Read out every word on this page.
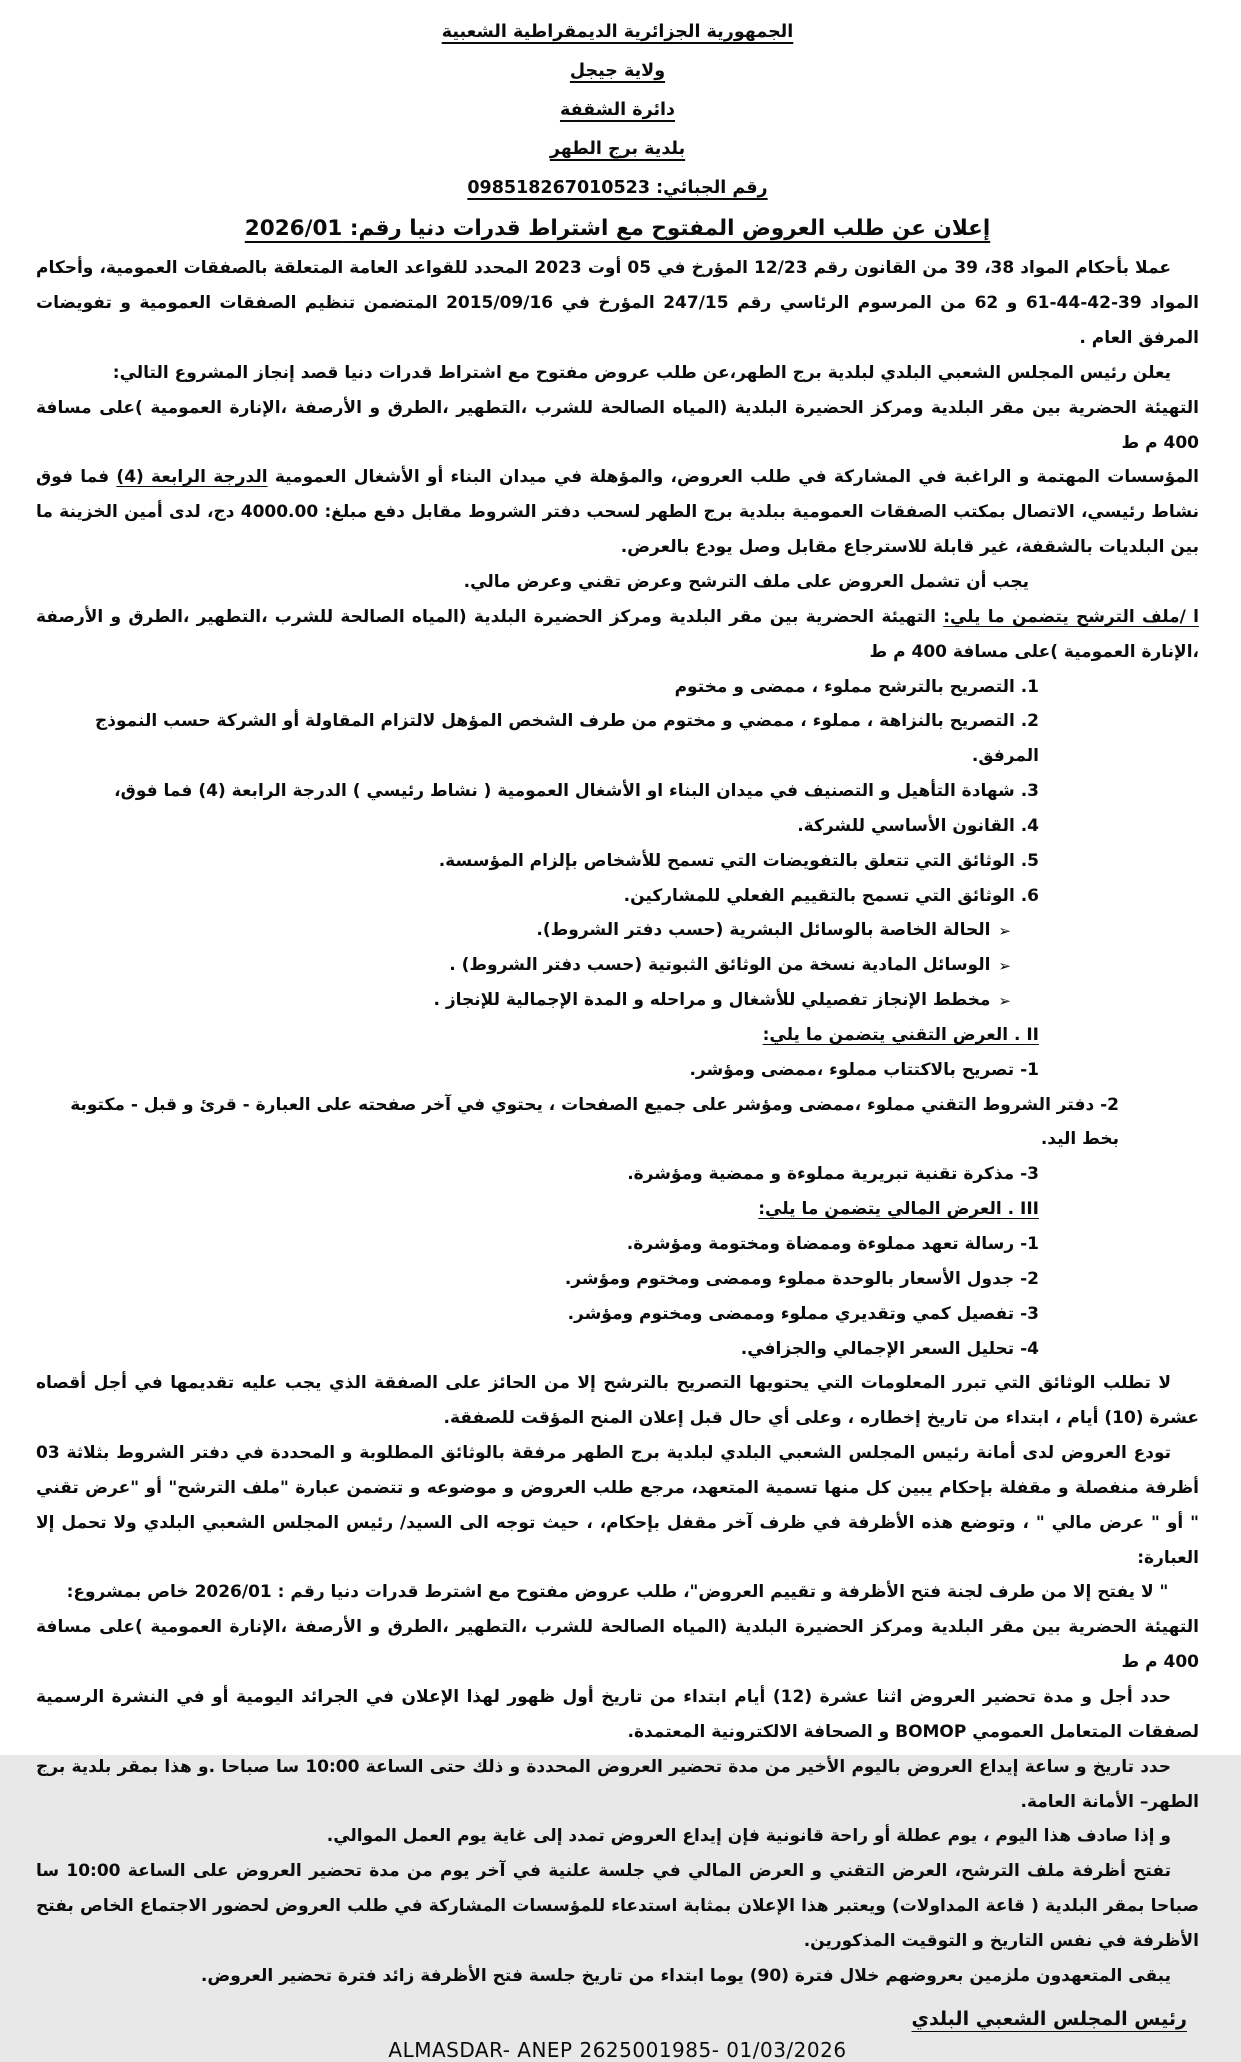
الجمهورية الجزائرية الديمقراطية الشعبية
ولاية جيجل
دائرة الشقفة
بلدية برج الطهر
رقم الجبائي: 098518267010523
إعلان عن طلب العروض المفتوح مع اشتراط قدرات دنيا رقم: 2026/01

عملا بأحكام المواد 38، 39 من القانون رقم 12/23 المؤرخ في 05 أوت 2023 المحدد للقواعد العامة المتعلقة بالصفقات العمومية، وأحكام المواد 39-42-44-61 و 62 من المرسوم الرئاسي رقم 247/15 المؤرخ في 2015/09/16 المتضمن تنظيم الصفقات العمومية و تفويضات المرفق العام .

يعلن رئيس المجلس الشعبي البلدي لبلدية برج الطهر،عن طلب عروض مفتوح مع اشتراط قدرات دنيا قصد إنجاز المشروع التالي:

التهيئة الحضرية بين مقر البلدية ومركز الحضيرة البلدية (المياه الصالحة للشرب ،التطهير ،الطرق و الأرصفة ،الإنارة العمومية )على مسافة 400 م ط

المؤسسات المهتمة و الراغبة في المشاركة في طلب العروض، والمؤهلة في ميدان البناء أو الأشغال العمومية الدرجة الرابعة (4) فما فوق نشاط رئيسي، الاتصال بمكتب الصفقات العمومية ببلدية برج الطهر لسحب دفتر الشروط مقابل دفع مبلغ: 4000.00 دج، لدى أمين الخزينة ما بين البلديات بالشقفة، غير قابلة للاسترجاع مقابل وصل يودع بالعرض.

يجب أن تشمل العروض على ملف الترشح وعرض تقني وعرض مالي.

ا /ملف الترشح يتضمن ما يلي: التهيئة الحضرية بين مقر البلدية ومركز الحضيرة البلدية (المياه الصالحة للشرب ،التطهير ،الطرق و الأرصفة ،الإنارة العمومية )على مسافة 400 م ط

1. التصريح بالترشح مملوء ، ممضى و مختوم

2. التصريح بالنزاهة ، مملوء ، ممضي و مختوم من طرف الشخص المؤهل لالتزام المقاولة أو الشركة حسب النموذج المرفق.

3. شهادة التأهيل و التصنيف في ميدان البناء او الأشغال العمومية ( نشاط رئيسي ) الدرجة الرابعة (4) فما فوق،

4. القانون الأساسي للشركة.

5. الوثائق التي تتعلق بالتفويضات التي تسمح للأشخاص بإلزام المؤسسة.

6. الوثائق التي تسمح بالتقييم الفعلي للمشاركين.

➢الحالة الخاصة بالوسائل البشرية (حسب دفتر الشروط).

➢الوسائل المادية نسخة من الوثائق الثبوتية (حسب دفتر الشروط) .

➢مخطط الإنجاز تفصيلي للأشغال و مراحله و المدة الإجمالية للإنجاز .

II . العرض التقني يتضمن ما يلي:

1- تصريح بالاكتتاب مملوء ،ممضى ومؤشر.

2- دفتر الشروط التقني مملوء ،ممضى ومؤشر على جميع الصفحات ، يحتوي في آخر صفحته على العبارة - قرئ و قبل - مكتوبة بخط اليد.

3- مذكرة تقنية تبريرية مملوءة و ممضية ومؤشرة.

III . العرض المالي يتضمن ما يلي:

1- رسالة تعهد مملوءة وممضاة ومختومة ومؤشرة.

2- جدول الأسعار بالوحدة مملوء وممضى ومختوم ومؤشر.

3- تفصيل كمي وتقديري مملوء وممضى ومختوم ومؤشر.

4- تحليل السعر الإجمالي والجزافي.

لا تطلب الوثائق التي تبرر المعلومات التي يحتويها التصريح بالترشح إلا من الحائز على الصفقة الذي يجب عليه تقديمها في أجل أقصاه عشرة (10) أيام ، ابتداء من تاريخ إخطاره ، وعلى أي حال قبل إعلان المنح المؤقت للصفقة.

تودع العروض لدى أمانة رئيس المجلس الشعبي البلدي لبلدية برج الطهر مرفقة بالوثائق المطلوبة و المحددة في دفتر الشروط بثلاثة 03 أظرفة منفصلة و مقفلة بإحكام يبين كل منها تسمية المتعهد، مرجع طلب العروض و موضوعه و تتضمن عبارة "ملف الترشح" أو "عرض تقني " أو " عرض مالي " ، وتوضع هذه الأظرفة في ظرف آخر مقفل بإحكام، ، حيث توجه الى السيد/ رئيس المجلس الشعبي البلدي ولا تحمل إلا العبارة:

" لا يفتح إلا من طرف لجنة فتح الأظرفة و تقييم العروض"، طلب عروض مفتوح مع اشترط قدرات دنيا رقم : 2026/01 خاص بمشروع:

التهيئة الحضرية بين مقر البلدية ومركز الحضيرة البلدية (المياه الصالحة للشرب ،التطهير ،الطرق و الأرصفة ،الإنارة العمومية )على مسافة 400 م ط

حدد أجل و مدة تحضير العروض اثنا عشرة (12) أيام ابتداء من تاريخ أول ظهور لهذا الإعلان في الجرائد اليومية أو في النشرة الرسمية لصفقات المتعامل العمومي BOMOP و الصحافة الالكترونية المعتمدة.

حدد تاريخ و ساعة إيداع العروض باليوم الأخير من مدة تحضير العروض المحددة و ذلك حتى الساعة 10:00 سا صباحا .و هذا بمقر بلدية برج الطهر– الأمانة العامة.

و إذا صادف هذا اليوم ، يوم عطلة أو راحة قانونية فإن إيداع العروض تمدد إلى غاية يوم العمل الموالي.

تفتح أظرفة ملف الترشح، العرض التقني و العرض المالي في جلسة علنية في آخر يوم من مدة تحضير العروض على الساعة 10:00 سا صباحا بمقر البلدية ( قاعة المداولات) ويعتبر هذا الإعلان بمثابة استدعاء للمؤسسات المشاركة في طلب العروض لحضور الاجتماع الخاص بفتح الأظرفة في نفس التاريخ و التوقيت المذكورين.

يبقى المتعهدون ملزمين بعروضهم خلال فترة (90) يوما ابتداء من تاريخ جلسة فتح الأظرفة زائد فترة تحضير العروض.

رئيس المجلس الشعبي البلدي
ALMASDAR- ANEP 2625001985- 01/03/2026
